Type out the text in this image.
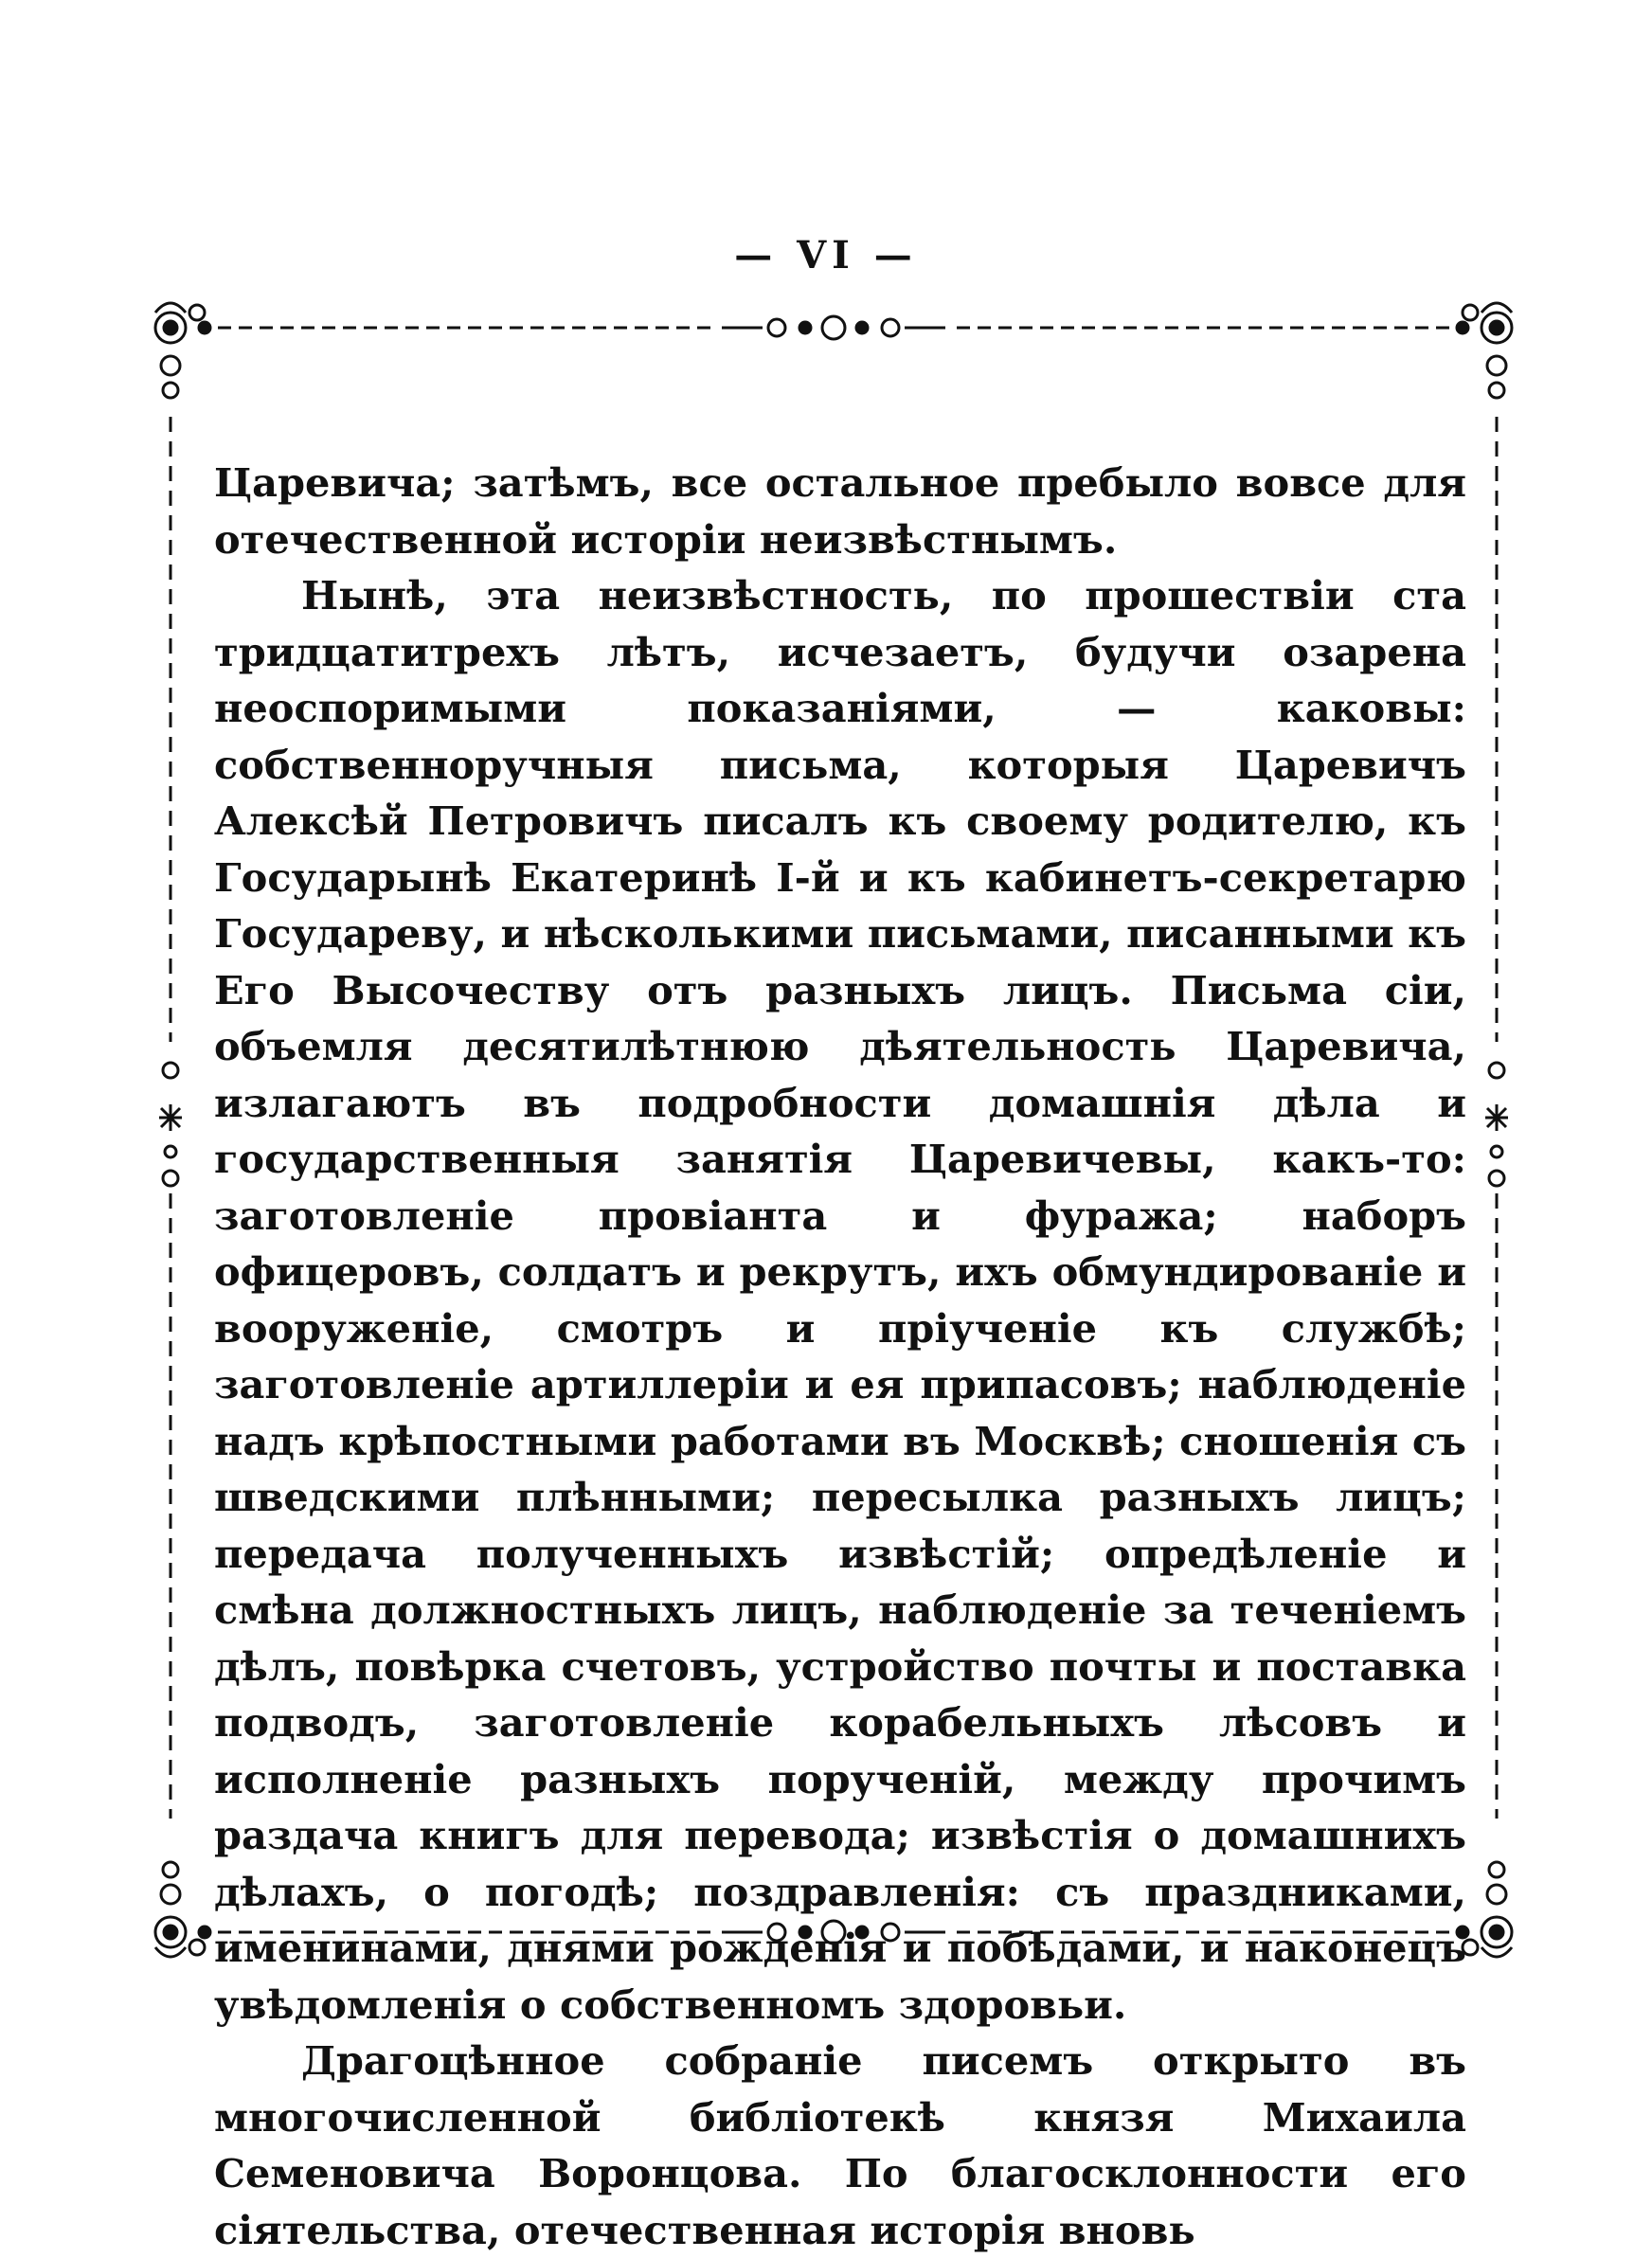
— VI —

Царевича; затѣмъ, все остальное пребыло вовсе для отечественной исторіи неизвѣстнымъ.

Нынѣ, эта неизвѣстность, по прошествіи ста тридцатитрехъ лѣтъ, исчезаетъ, будучи озарена неоспоримыми показаніями, — каковы: собственноручныя письма, которыя Царевичъ Алексѣй Петровичъ писалъ къ своему родителю, къ Государынѣ Екатеринѣ I-й и къ кабинетъ-секретарю Государеву, и нѣсколькими письмами, писанными къ Его Высочеству отъ разныхъ лицъ. Письма сіи, объемля десятилѣтнюю дѣятельность Царевича, излагаютъ въ подробности домашнія дѣла и государственныя занятія Царевичевы, какъ-то: заготовленіе провіанта и фуража; наборъ офицеровъ, солдатъ и рекрутъ, ихъ обмундированіе и вооруженіе, смотръ и пріученіе къ службѣ; заготовленіе артиллеріи и ея припасовъ; наблюденіе надъ крѣпостными работами въ Москвѣ; сношенія съ шведскими плѣнными; пересылка разныхъ лицъ; передача полученныхъ извѣстій; опредѣленіе и смѣна должностныхъ лицъ, наблюденіе за теченіемъ дѣлъ, повѣрка счетовъ, устройство почты и поставка подводъ, заготовленіе корабельныхъ лѣсовъ и исполненіе разныхъ порученій, между прочимъ раздача книгъ для перевода; извѣстія о домашнихъ дѣлахъ, о погодѣ; поздравленія: съ праздниками, именинами, днями рожденія и побѣдами, и наконецъ увѣдомленія о собственномъ здоровьи.

Драгоцѣнное собраніе писемъ открыто въ многочисленной библіотекѣ князя Михаила Семеновича Воронцова. По благосклонности его сіятельства, отечественная исторія вновь
